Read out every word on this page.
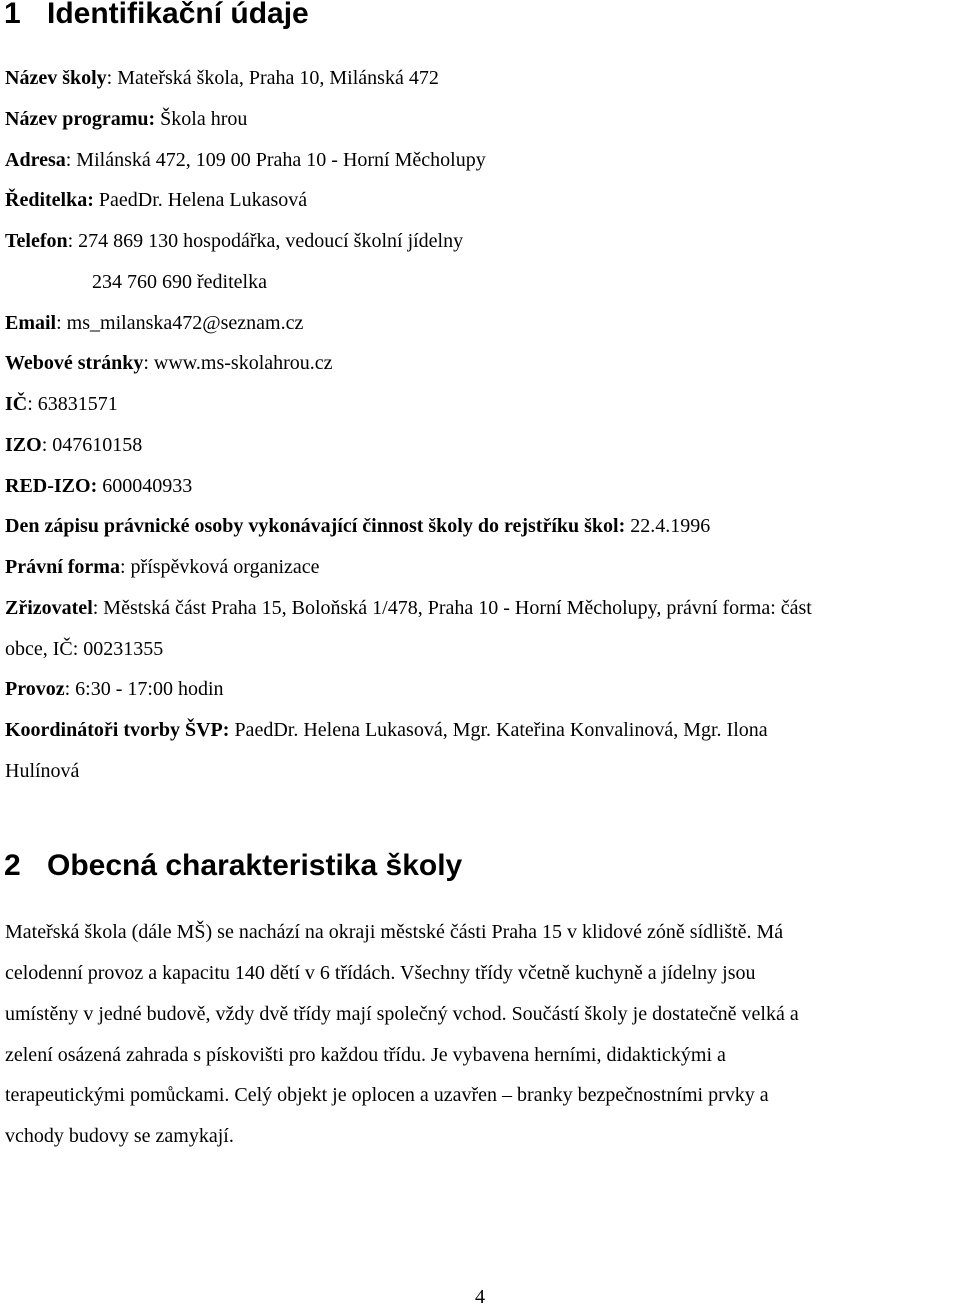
1 Identifikační údaje

Název školy: Mateřská škola, Praha 10, Milánská 472

Název programu: Škola hrou

Adresa: Milánská 472, 109 00 Praha 10 - Horní Měcholupy

Ředitelka: PaedDr. Helena Lukasová

Telefon: 274 869 130 hospodářka, vedoucí školní jídelny

234 760 690 ředitelka

Email: ms_milanska472@seznam.cz

Webové stránky: www.ms-skolahrou.cz

IČ: 63831571

IZO: 047610158

RED-IZO: 600040933

Den zápisu právnické osoby vykonávající činnost školy do rejstříku škol: 22.4.1996

Právní forma: příspěvková organizace

Zřizovatel: Městská část Praha 15, Boloňská 1/478, Praha 10 - Horní Měcholupy, právní forma: část

obce, IČ: 00231355

Provoz: 6:30 - 17:00 hodin

Koordinátoři tvorby ŠVP: PaedDr. Helena Lukasová, Mgr. Kateřina Konvalinová, Mgr. Ilona

Hulínová

2 Obecná charakteristika školy

Mateřská škola (dále MŠ) se nachází na okraji městské části Praha 15 v klidové zóně sídliště. Má

celodenní provoz a kapacitu 140 dětí v 6 třídách. Všechny třídy včetně kuchyně a jídelny jsou

umístěny v jedné budově, vždy dvě třídy mají společný vchod. Součástí školy je dostatečně velká a

zelení osázená zahrada s pískovišti pro každou třídu. Je vybavena herními, didaktickými a

terapeutickými pomůckami. Celý objekt je oplocen a uzavřen – branky bezpečnostními prvky a

vchody budovy se zamykají.

4
